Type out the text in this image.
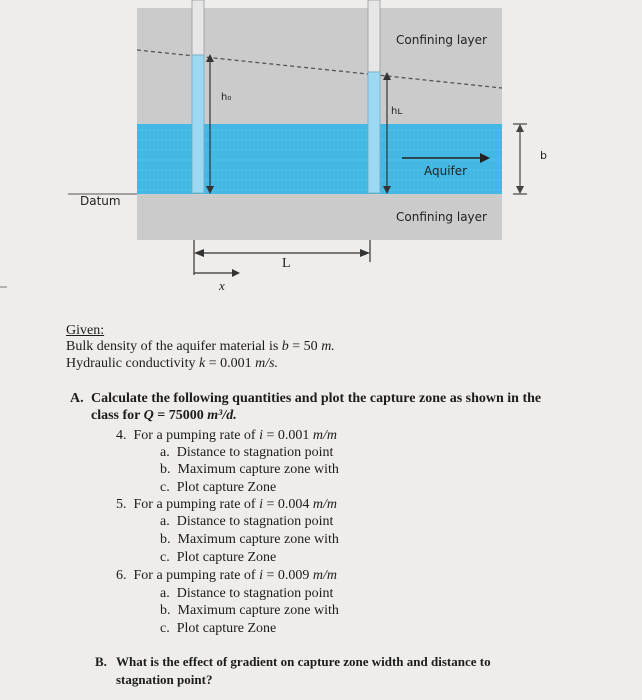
Confining layer
Confining layer
Aquifer
Datum
h₀
hʟ
b
L
x
Given:
Bulk density of the aquifer material is b = 50 m.
Hydraulic conductivity k = 0.001 m/s.
A. Calculate the following quantities and plot the capture zone as shown in the
class for Q = 75000 m³/d.
4. For a pumping rate of i = 0.001 m/m
a. Distance to stagnation point
b. Maximum capture zone with
c. Plot capture Zone
5. For a pumping rate of i = 0.004 m/m
a. Distance to stagnation point
b. Maximum capture zone with
c. Plot capture Zone
6. For a pumping rate of i = 0.009 m/m
a. Distance to stagnation point
b. Maximum capture zone with
c. Plot capture Zone
B. What is the effect of gradient on capture zone width and distance to
stagnation point?
